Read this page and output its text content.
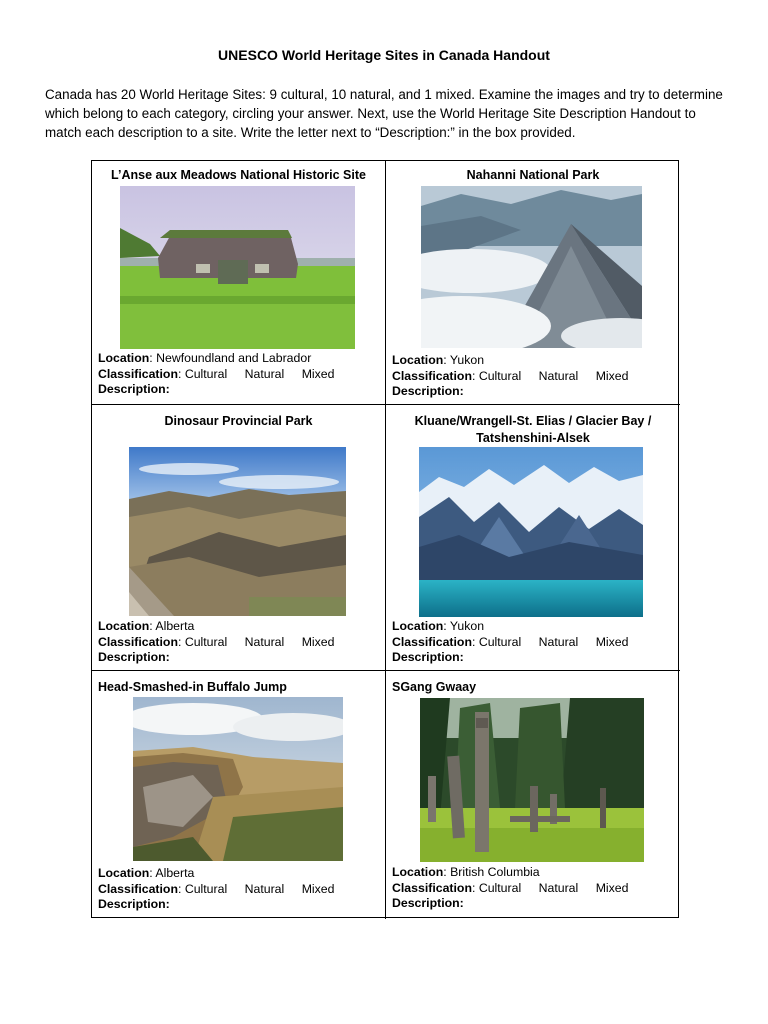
UNESCO World Heritage Sites in Canada Handout
Canada has 20 World Heritage Sites: 9 cultural, 10 natural, and 1 mixed. Examine the images and try to determine which belong to each category, circling your answer. Next, use the World Heritage Site Description Handout to match each description to a site. Write the letter next to “Description:” in the box provided.
L’Anse aux Meadows National Historic Site
Location: Newfoundland and Labrador
Classification: Cultural Natural Mixed
Description:
Nahanni National Park
Location: Yukon
Classification: Cultural Natural Mixed
Description:
Dinosaur Provincial Park
Location: Alberta
Classification: Cultural Natural Mixed
Description:
Kluane/Wrangell-St. Elias / Glacier Bay / Tatshenshini-Alsek
Location: Yukon
Classification: Cultural Natural Mixed
Description:
Head-Smashed-in Buffalo Jump
Location: Alberta
Classification: Cultural Natural Mixed
Description:
SGang Gwaay
Location: British Columbia
Classification: Cultural Natural Mixed
Description:
